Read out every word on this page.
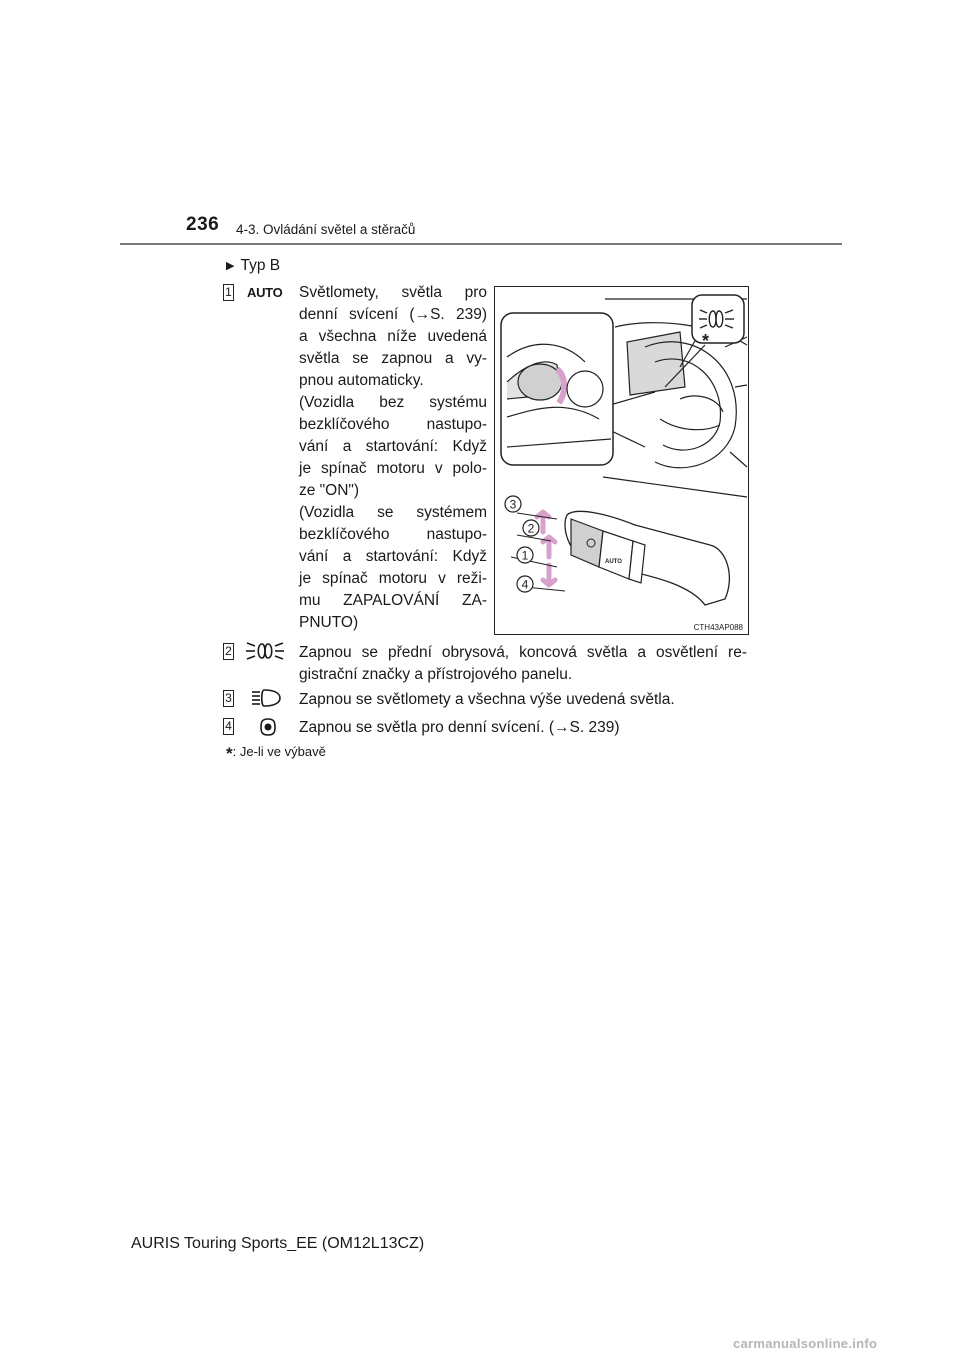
236 4-3. Ovládání světel a stěračů
▶ Typ B
1 AUTO Světlomety, světla pro
denní svícení (→S. 239)
a všechna níže uvedená
světla se zapnou a vy-
pnou automaticky.
(Vozidla bez systému
bezklíčového nastupo-
vání a startování: Když
je spínač motoru v polo-
ze "ON")
(Vozidla se systémem
bezklíčového nastupo-
vání a startování: Když
je spínač motoru v reži-
mu ZAPALOVÁNÍ ZA-
PNUTO)
*
AUTO
3
2
1
4
CTH43AP088
2	Zapnou se přední obrysová, koncová světla a osvětlení re-
gistrační značky a přístrojového panelu.
3	Zapnou se světlomety a všechna výše uvedená světla.
4	Zapnou se světla pro denní svícení. (→S. 239)
*: Je-li ve výbavě
AURIS Touring Sports_EE (OM12L13CZ)
carmanualsonline.info
